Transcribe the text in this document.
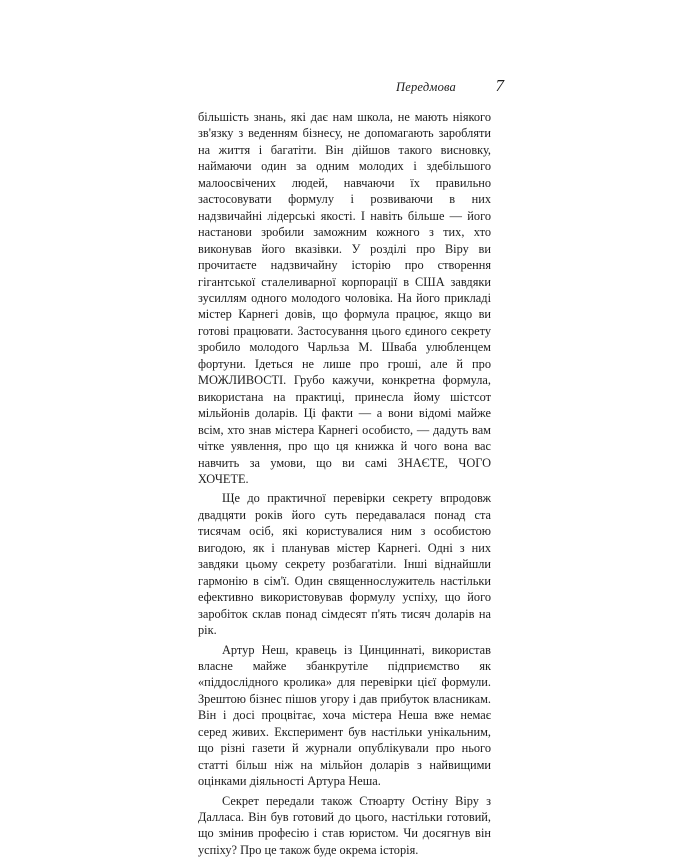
Передмова 7

більшість знань, які дає нам школа, не мають ніякого зв'язку з веденням бізнесу, не допомагають заробляти на життя і багатіти. Він дійшов такого висновку, наймаючи один за одним молодих і здебільшого малоосвічених людей, навчаючи їх правильно застосовувати формулу і розвиваючи в них надзвичайні лідерські якості. І навіть більше — його настанови зробили заможним кожного з тих, хто виконував його вказівки. У розділі про Віру ви прочитаєте надзвичайну історію про створення гігантської сталеливарної корпорації в США завдяки зусиллям одного молодого чоловіка. На його прикладі містер Карнегі довів, що формула працює, якщо ви готові працювати. Застосування цього єдиного секрету зробило молодого Чарльза М. Шваба улюбленцем фортуни. Ідеться не лише про гроші, але й про МОЖЛИВОСТІ. Грубо кажучи, конкретна формула, використана на практиці, принесла йому шістсот мільйонів доларів. Ці факти — а вони відомі майже всім, хто знав містера Карнегі особисто, — дадуть вам чітке уявлення, про що ця книжка й чого вона вас навчить за умови, що ви самі ЗНАЄТЕ, ЧОГО ХОЧЕТЕ.

Ще до практичної перевірки секрету впродовж двадцяти років його суть передавалася понад ста тисячам осіб, які користувалися ним з особистою вигодою, як і планував містер Карнегі. Одні з них завдяки цьому секрету розбагатіли. Інші віднайшли гармонію в сім'ї. Один священнослужитель настільки ефективно використовував формулу успіху, що його заробіток склав понад сімдесят п'ять тисяч доларів на рік.

Артур Неш, кравець із Цинциннаті, використав власне майже збанкрутіле підприємство як «піддослідного кролика» для перевірки цієї формули. Зрештою бізнес пішов угору і дав прибуток власникам. Він і досі процвітає, хоча містера Неша вже немає серед живих. Експеримент був настільки унікальним, що різні газети й журнали опублікували про нього статті більш ніж на мільйон доларів з найвищими оцінками діяльності Артура Неша.

Секрет передали також Стюарту Остіну Віру з Далласа. Він був готовий до цього, настільки готовий, що змінив професію і став юристом. Чи досягнув він успіху? Про це також буде окрема історія.
